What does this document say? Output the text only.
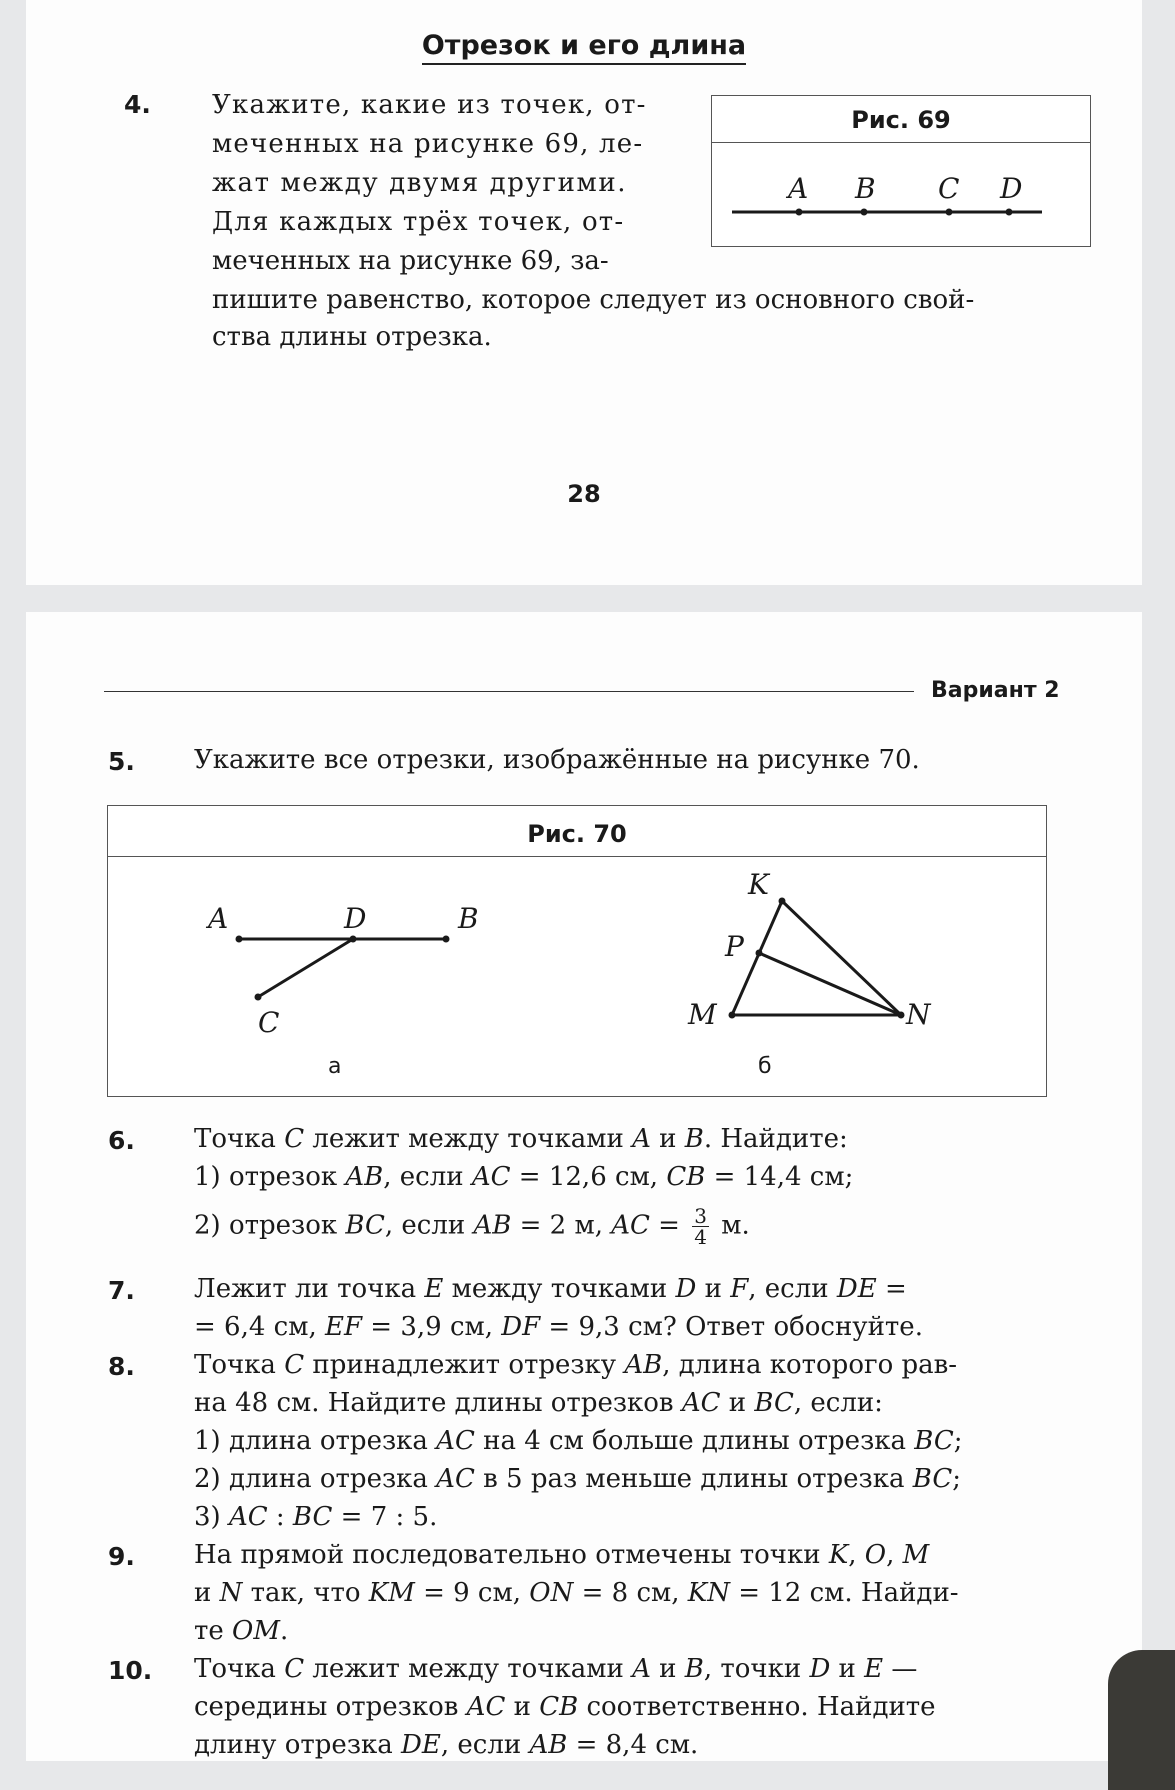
Отрезок и его длина
4. Укажите, какие из точек, от-
меченных на рисунке 69, ле-
жат между двумя другими.
Для каждых трёх точек, от-
меченных на рисунке 69, за-
пишите равенство, которое следует из основного свой-
ства длины отрезка.
Рис. 69
A B C D
28
Вариант 2
5. Укажите все отрезки, изображённые на рисунке 70.
Рис. 70
A	D	B
C
а
K
P
M	N
б
6. Точка C лежит между точками A и B. Найдите:
1) отрезок AB, если AC = 12,6 см, CB = 14,4 см;
2) отрезок BC, если AB = 2 м, AC = $\frac{3}{4} м$.
7. Лежит ли точка E между точками D и F, если DE =
= 6,4 см, EF = 3,9 см, DF = 9,3 см? Ответ обоснуйте.
8. Точка C принадлежит отрезку AB, длина которого рав-
на 48 см. Найдите длины отрезков AC и BC, если:
1) длина отрезка AC на 4 см больше длины отрезка BC;
2) длина отрезка AC в 5 раз меньше длины отрезка BC;
3) AC : BC = 7 : 5.
9. На прямой последовательно отмечены точки K, O, M
и N так, что KM = 9 см, ON = 8 см, KN = 12 см. Найди-
те OM.
10. Точка C лежит между точками A и B, точки D и E —
середины отрезков AC и CB соответственно. Найдите
длину отрезка DE, если AB = 8,4 см.
